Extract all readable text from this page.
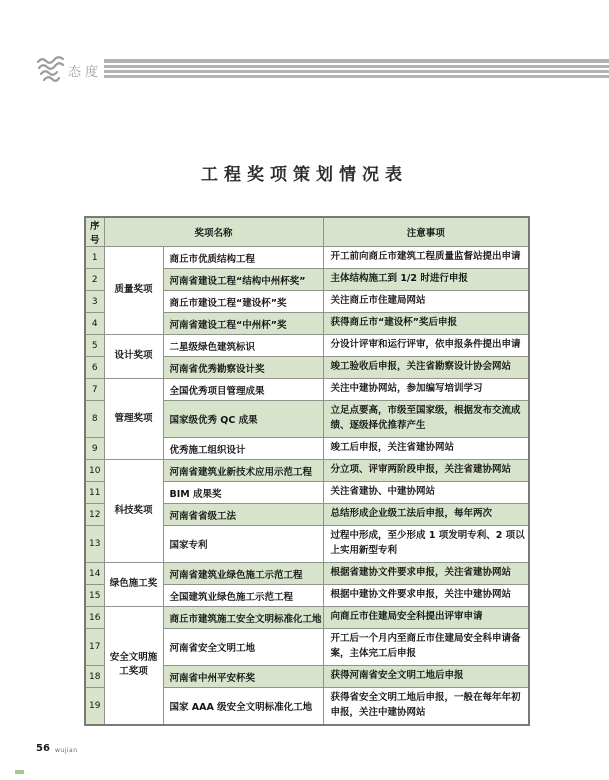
态度
工程奖项策划情况表
序号	奖项名称		注意事项
1	质量奖项	商丘市优质结构工程	开工前向商丘市建筑工程质量监督站提出申请
2		河南省建设工程“结构中州杯奖”	主体结构施工到 1/2 时进行申报
3		商丘市建设工程“建设杯”奖	关注商丘市住建局网站
4		河南省建设工程“中州杯”奖	获得商丘市“建设杯”奖后申报
5	设计奖项	二星级绿色建筑标识	分设计评审和运行评审，依申报条件提出申请
6		河南省优秀勘察设计奖	竣工验收后申报，关注省勘察设计协会网站
7	管理奖项	全国优秀项目管理成果	关注中建协网站，参加编写培训学习
8		国家级优秀 QC 成果	立足点要高，市级至国家级，根据发布交流成绩、逐级择优推荐产生
9		优秀施工组织设计	竣工后申报，关注省建协网站
10	科技奖项	河南省建筑业新技术应用示范工程	分立项、评审两阶段申报，关注省建协网站
11		BIM 成果奖	关注省建协、中建协网站
12		河南省省级工法	总结形成企业级工法后申报，每年两次
13		国家专利	过程中形成，至少形成 1 项发明专利、2 项以上实用新型专利
14	绿色施工奖	河南省建筑业绿色施工示范工程	根据省建协文件要求申报，关注省建协网站
15		全国建筑业绿色施工示范工程	根据中建协文件要求申报，关注中建协网站
16	安全文明施工奖项	商丘市建筑施工安全文明标准化工地	向商丘市住建局安全科提出评审申请
17		河南省安全文明工地	开工后一个月内至商丘市住建局安全科申请备案，主体完工后申报
18		河南省中州平安杯奖	获得河南省安全文明工地后申报
19		国家 AAA 级安全文明标准化工地	获得省安全文明工地后申报，一般在每年年初申报，关注中建协网站
56 wujian
